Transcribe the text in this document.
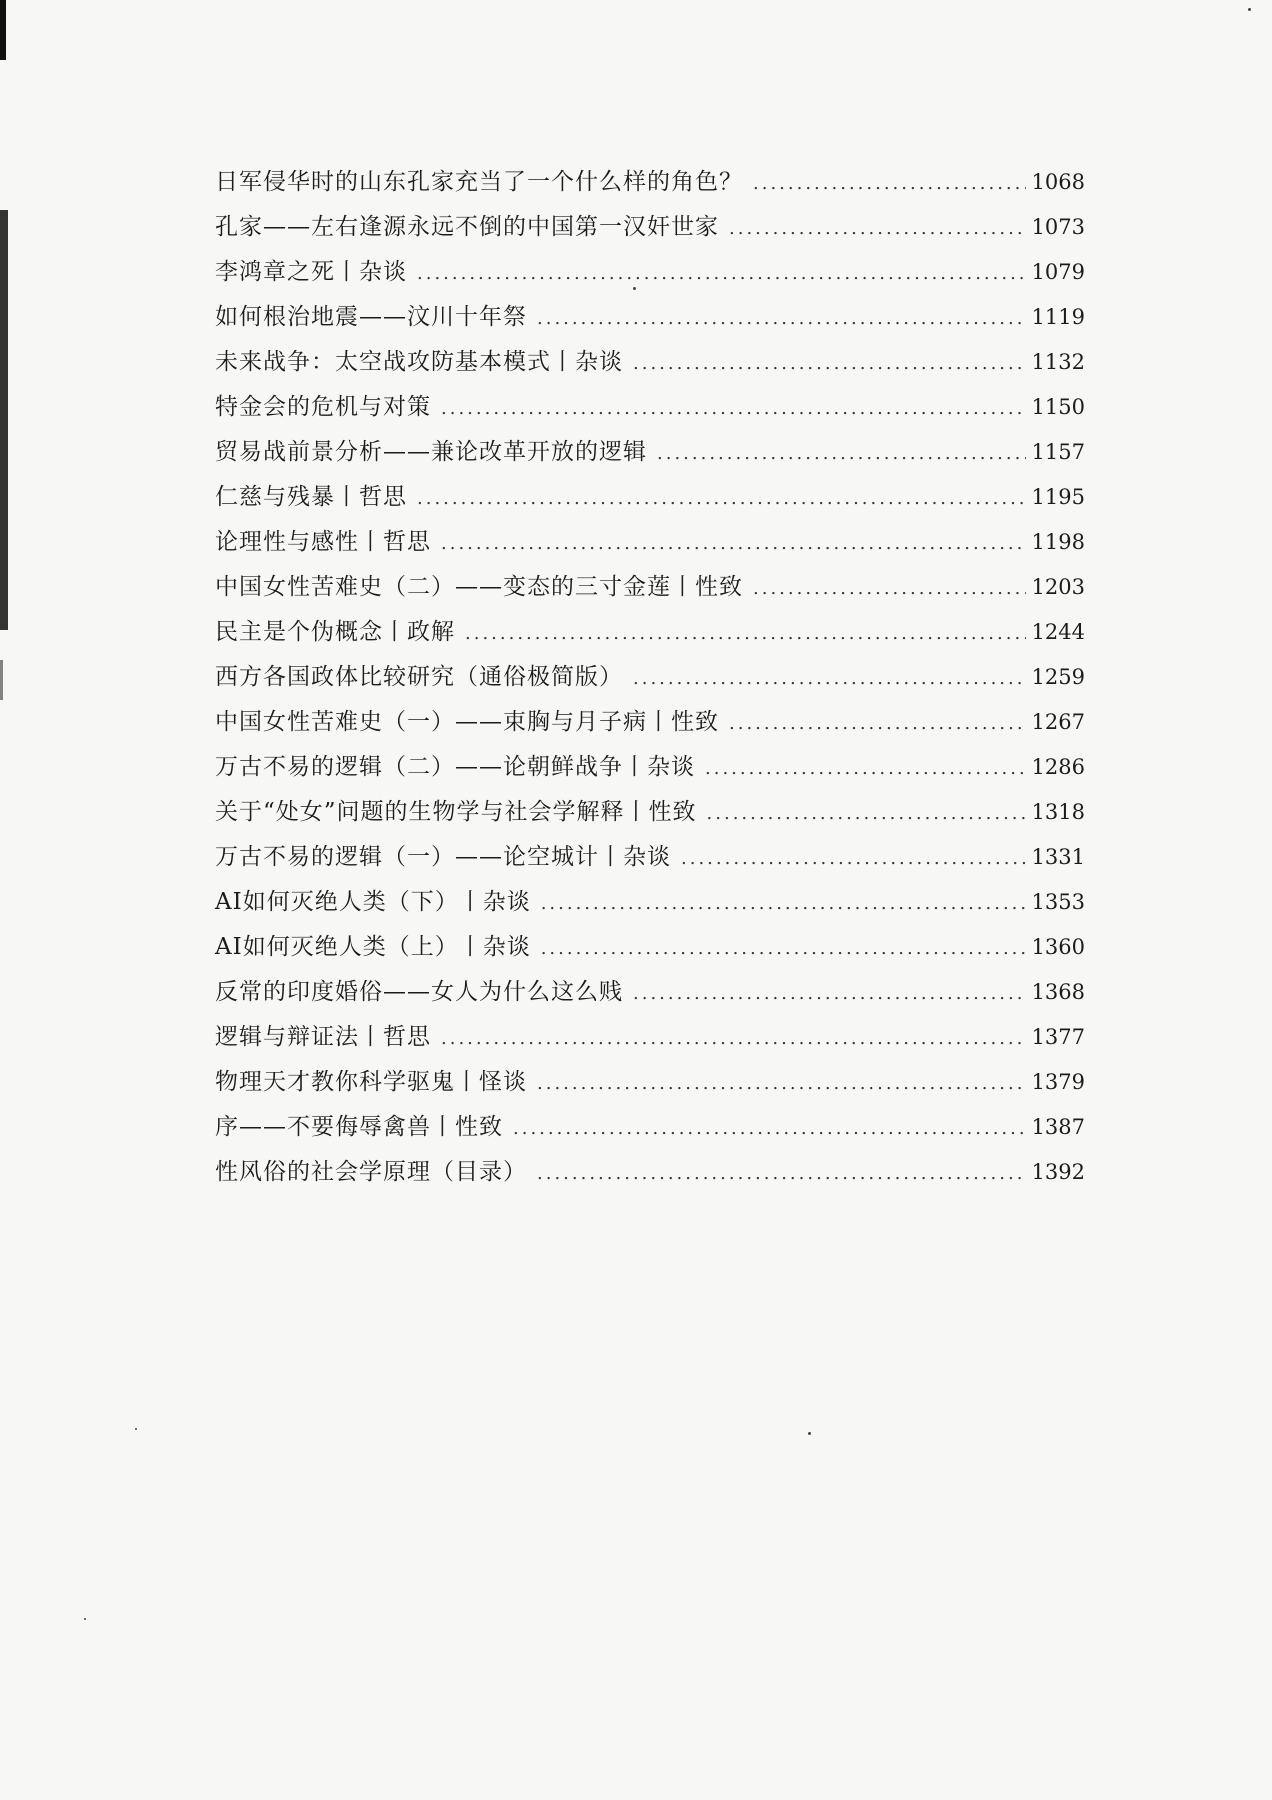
日军侵华时的山东孔家充当了一个什么样的角色？ .....	1068
孔家——左右逢源永远不倒的中国第一汉奸世家 .....	1073
李鸿章之死丨杂谈 .....	1079
如何根治地震——汶川十年祭 .....	1119
未来战争：太空战攻防基本模式丨杂谈 .....	1132
特金会的危机与对策 .....	1150
贸易战前景分析——兼论改革开放的逻辑 .....	1157
仁慈与残暴丨哲思 .....	1195
论理性与感性丨哲思 .....	1198
中国女性苦难史（二）——变态的三寸金莲丨性致 .....	1203
民主是个伪概念丨政解 .....	1244
西方各国政体比较研究（通俗极简版） .....	1259
中国女性苦难史（一）——束胸与月子病丨性致 .....	1267
万古不易的逻辑（二）——论朝鲜战争丨杂谈 .....	1286
关于“处女”问题的生物学与社会学解释丨性致 .....	1318
万古不易的逻辑（一）——论空城计丨杂谈 .....	1331
AI如何灭绝人类（下）丨杂谈 .....	1353
AI如何灭绝人类（上）丨杂谈 .....	1360
反常的印度婚俗——女人为什么这么贱 .....	1368
逻辑与辩证法丨哲思 .....	1377
物理天才教你科学驱鬼丨怪谈 .....	1379
序——不要侮辱禽兽丨性致 .....	1387
性风俗的社会学原理（目录） .....	1392
